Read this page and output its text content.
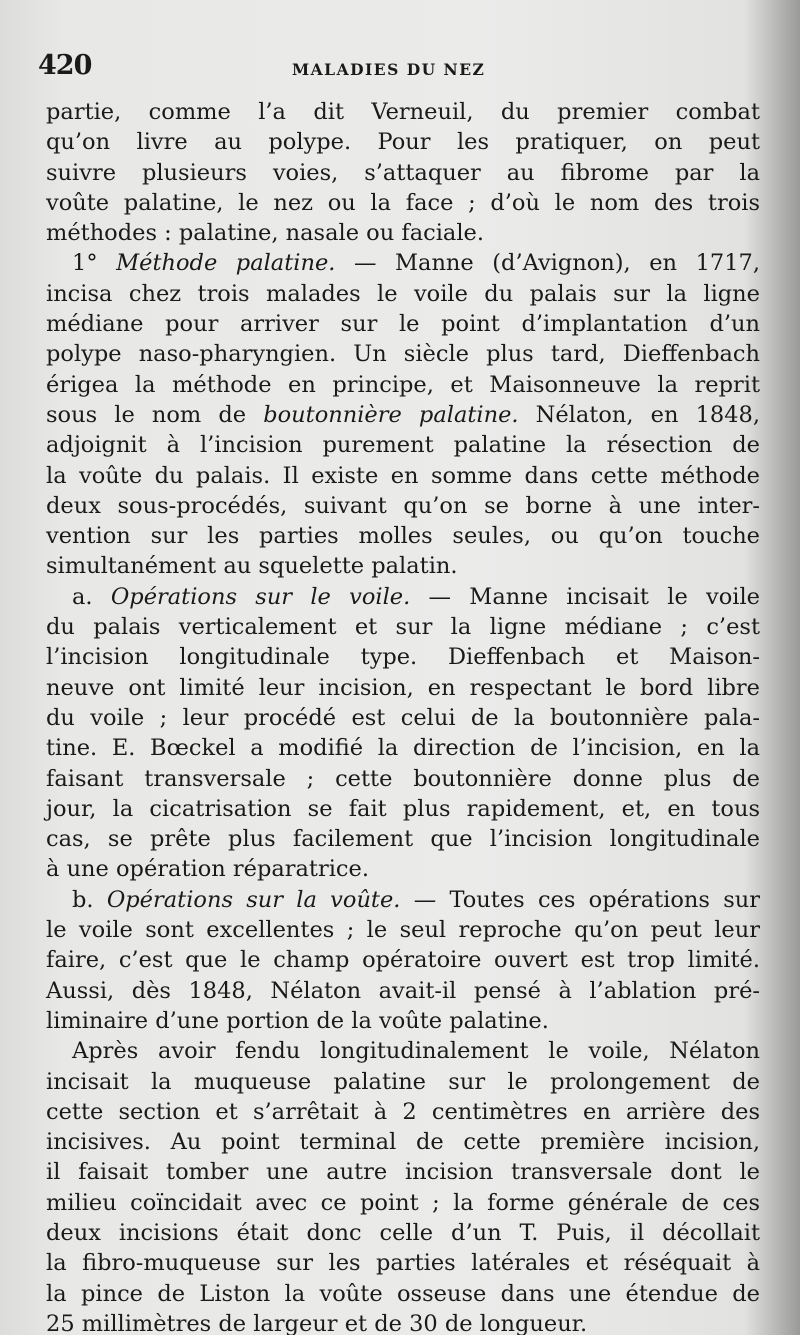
420	MALADIES DU NEZ
partie, comme l’a dit Verneuil, du premier combat
qu’on livre au polype. Pour les pratiquer, on peut
suivre plusieurs voies, s’attaquer au fibrome par la
voûte palatine, le nez ou la face ; d’où le nom des trois
méthodes : palatine, nasale ou faciale.
1° Méthode palatine. — Manne (d’Avignon), en 1717,
incisa chez trois malades le voile du palais sur la ligne
médiane pour arriver sur le point d’implantation d’un
polype naso-pharyngien. Un siècle plus tard, Dieffenbach
érigea la méthode en principe, et Maisonneuve la reprit
sous le nom de boutonnière palatine. Nélaton, en 1848,
adjoignit à l’incision purement palatine la résection de
la voûte du palais. Il existe en somme dans cette méthode
deux sous-procédés, suivant qu’on se borne à une inter-
vention sur les parties molles seules, ou qu’on touche
simultanément au squelette palatin.
a. Opérations sur le voile. — Manne incisait le voile
du palais verticalement et sur la ligne médiane ; c’est
l’incision longitudinale type. Dieffenbach et Maison-
neuve ont limité leur incision, en respectant le bord libre
du voile ; leur procédé est celui de la boutonnière pala-
tine. E. Bœckel a modifié la direction de l’incision, en la
faisant transversale ; cette boutonnière donne plus de
jour, la cicatrisation se fait plus rapidement, et, en tous
cas, se prête plus facilement que l’incision longitudinale
à une opération réparatrice.
b. Opérations sur la voûte. — Toutes ces opérations sur
le voile sont excellentes ; le seul reproche qu’on peut leur
faire, c’est que le champ opératoire ouvert est trop limité.
Aussi, dès 1848, Nélaton avait-il pensé à l’ablation pré-
liminaire d’une portion de la voûte palatine.
Après avoir fendu longitudinalement le voile, Nélaton
incisait la muqueuse palatine sur le prolongement de
cette section et s’arrêtait à 2 centimètres en arrière des
incisives. Au point terminal de cette première incision,
il faisait tomber une autre incision transversale dont le
milieu coïncidait avec ce point ; la forme générale de ces
deux incisions était donc celle d’un T. Puis, il décollait
la fibro-muqueuse sur les parties latérales et réséquait à
la pince de Liston la voûte osseuse dans une étendue de
25 millimètres de largeur et de 30 de longueur.
